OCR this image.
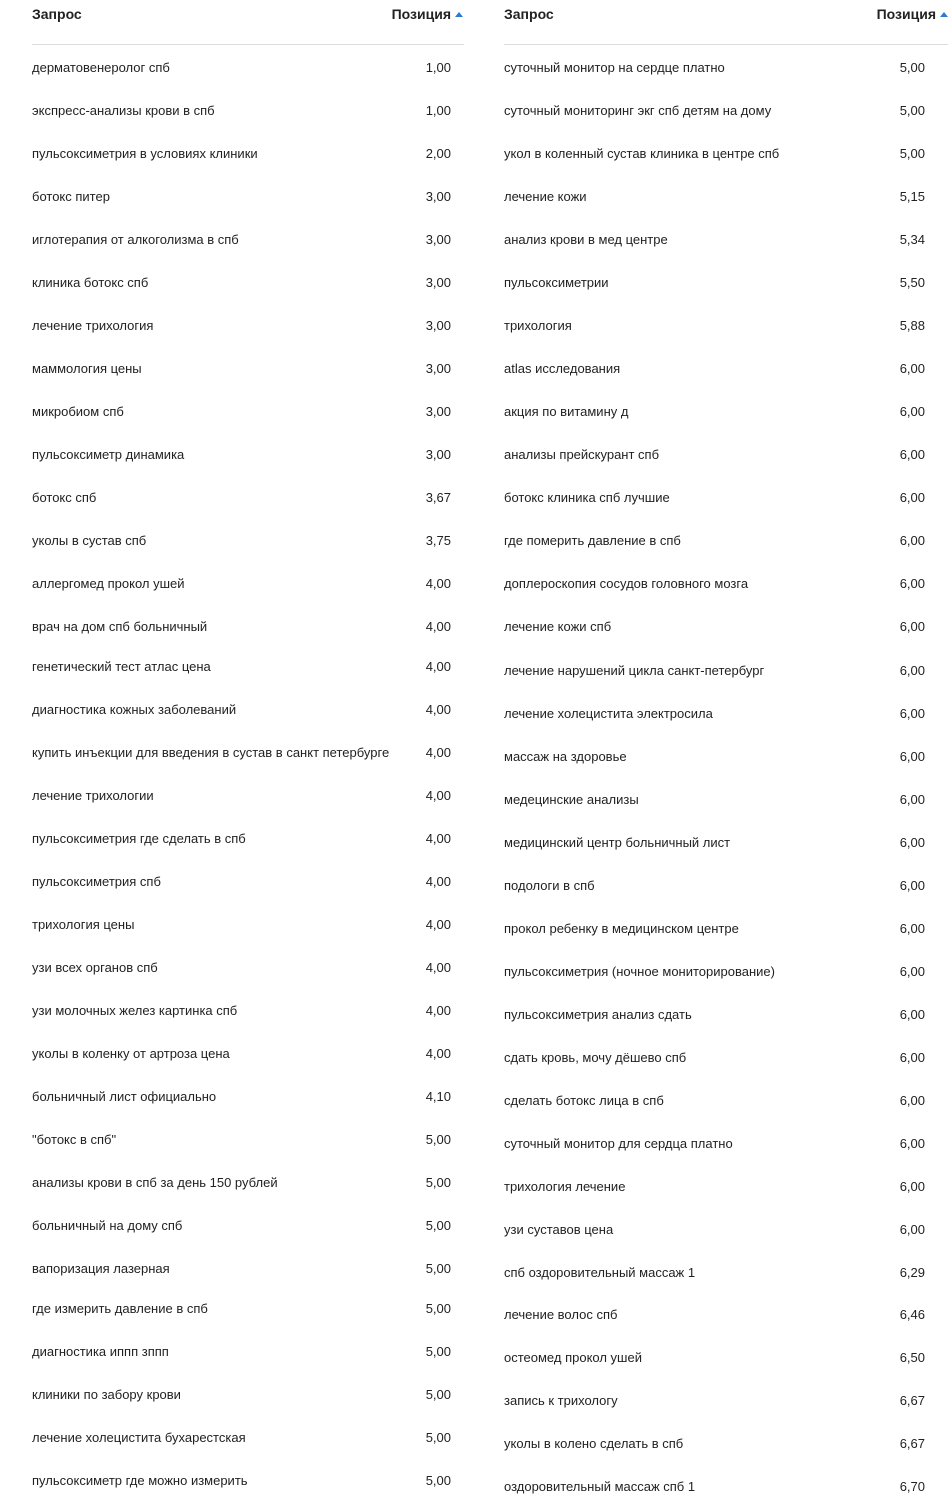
Запрос	Позиция
дерматовенеролог спб	1,00
экспресс-анализы крови в спб	1,00
пульсоксиметрия в условиях клиники	2,00
ботокс питер	3,00
иглотерапия от алкоголизма в спб	3,00
клиника ботокс спб	3,00
лечение трихология	3,00
маммология цены	3,00
микробиом спб	3,00
пульсоксиметр динамика	3,00
ботокс спб	3,67
уколы в сустав спб	3,75
аллергомед прокол ушей	4,00
врач на дом спб больничный	4,00
генетический тест атлас цена	4,00
диагностика кожных заболеваний	4,00
купить инъекции для введения в сустав в санкт петербурге	4,00
лечение трихологии	4,00
пульсоксиметрия где сделать в спб	4,00
пульсоксиметрия спб	4,00
трихология цены	4,00
узи всех органов спб	4,00
узи молочных желез картинка спб	4,00
уколы в коленку от артроза цена	4,00
больничный лист официально	4,10
"ботокс в спб"	5,00
анализы крови в спб за день 150 рублей	5,00
больничный на дому спб	5,00
вапоризация лазерная	5,00
где измерить давление в спб	5,00
диагностика иппп зппп	5,00
клиники по забору крови	5,00
лечение холецистита бухарестская	5,00
пульсоксиметр где можно измерить	5,00
Запрос	Позиция
суточный монитор на сердце платно	5,00
суточный мониторинг экг спб детям на дому	5,00
укол в коленный сустав клиника в центре спб	5,00
лечение кожи	5,15
анализ крови в мед центре	5,34
пульсоксиметрии	5,50
трихология	5,88
atlas исследования	6,00
акция по витамину д	6,00
анализы прейскурант спб	6,00
ботокс клиника спб лучшие	6,00
где померить давление в спб	6,00
доплероскопия сосудов головного мозга	6,00
лечение кожи спб	6,00
лечение нарушений цикла санкт-петербург	6,00
лечение холецистита электросила	6,00
массаж на здоровье	6,00
медецинские анализы	6,00
медицинский центр больничный лист	6,00
подологи в спб	6,00
прокол ребенку в медицинском центре	6,00
пульсоксиметрия (ночное мониторирование)	6,00
пульсоксиметрия анализ сдать	6,00
сдать кровь, мочу дёшево спб	6,00
сделать ботокс лица в спб	6,00
суточный монитор для сердца платно	6,00
трихология лечение	6,00
узи суставов цена	6,00
спб оздоровительный массаж 1	6,29
лечение волос спб	6,46
остеомед прокол ушей	6,50
запись к трихологу	6,67
уколы в колено сделать в спб	6,67
оздоровительный массаж спб 1	6,70
